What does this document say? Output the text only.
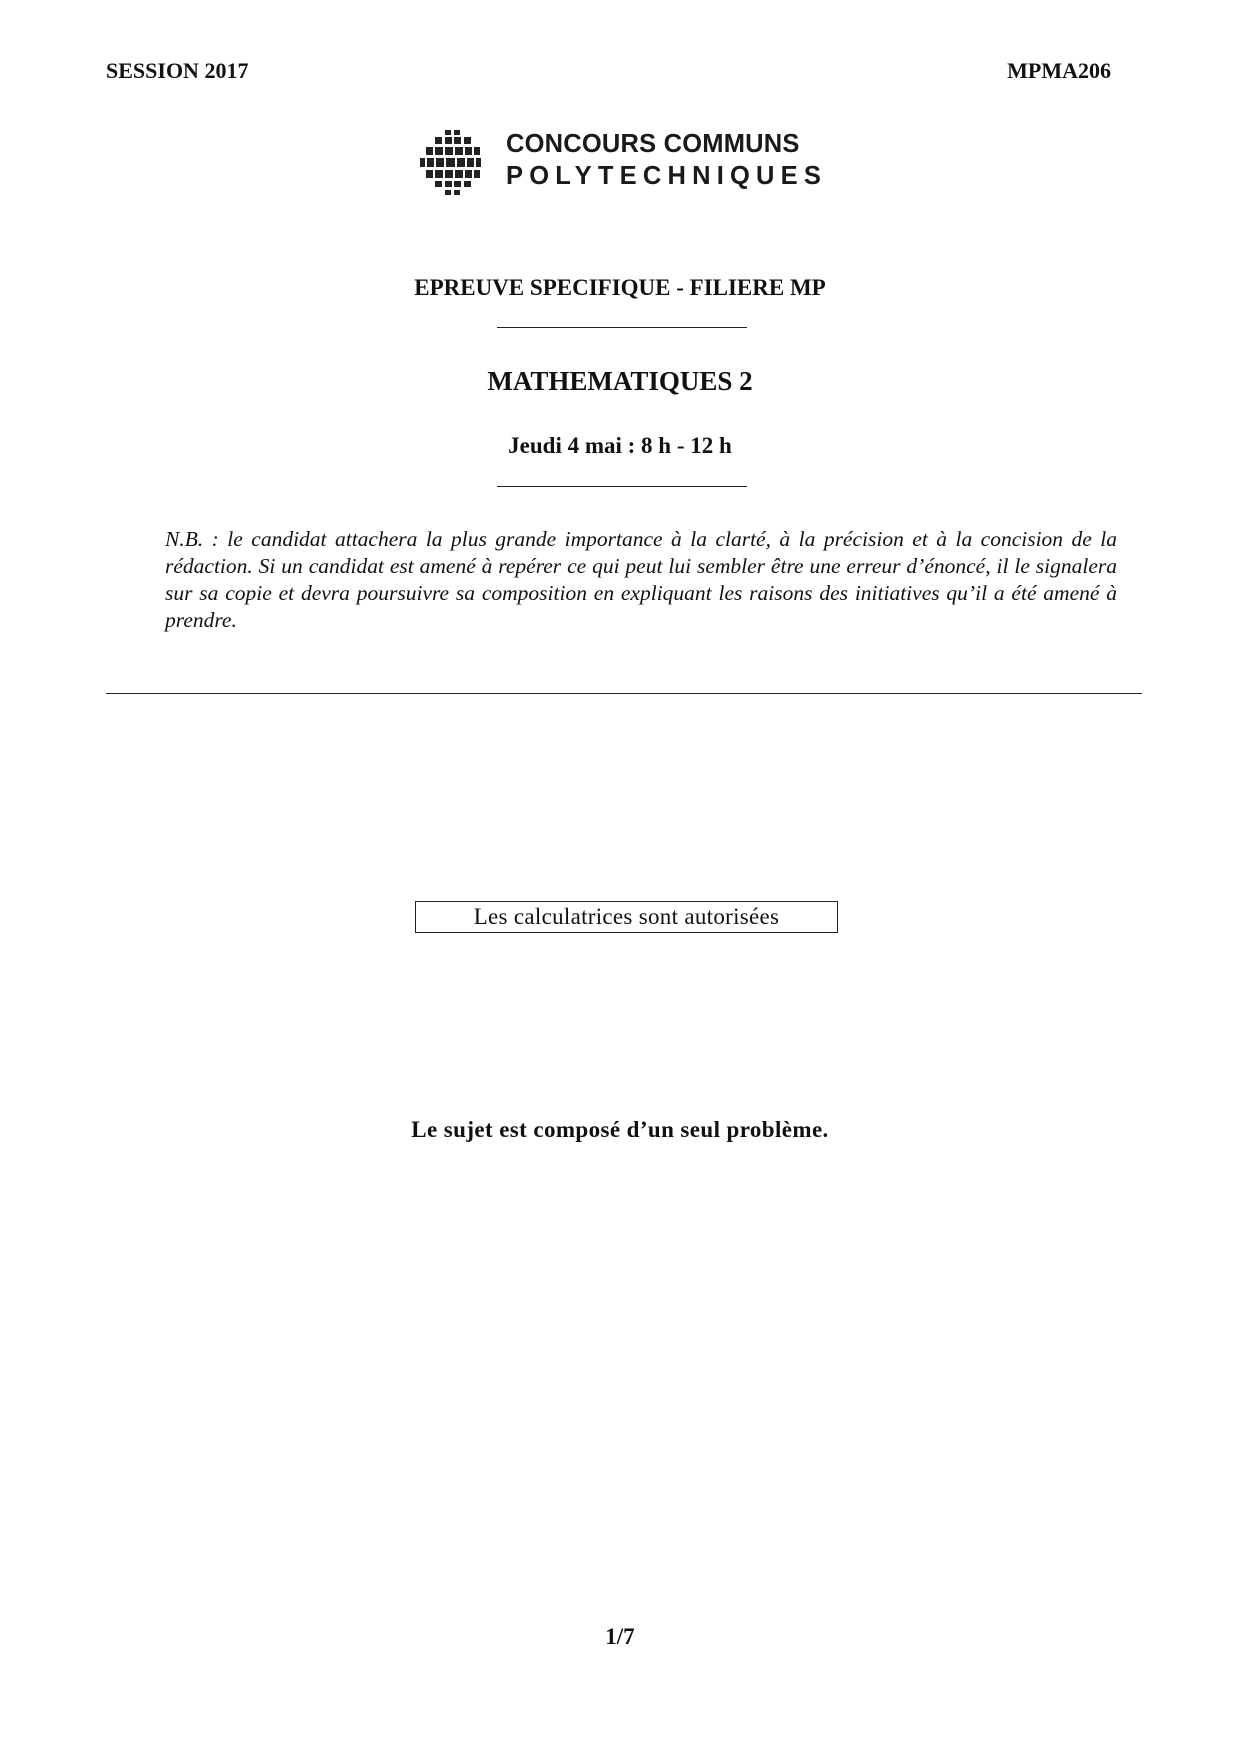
SESSION 2017	MPMA206
CONCOURS COMMUNS
POLYTECHNIQUES
EPREUVE SPECIFIQUE - FILIERE MP
MATHEMATIQUES 2
Jeudi 4 mai : 8 h - 12 h
N.B. : le candidat attachera la plus grande importance à la clarté, à la précision et à la concision de la rédaction. Si un candidat est amené à repérer ce qui peut lui sembler être une erreur d’énoncé, il le signalera sur sa copie et devra poursuivre sa composition en expliquant les raisons des initiatives qu’il a été amené à prendre.
Les calculatrices sont autorisées
Le sujet est composé d’un seul problème.
1/7
